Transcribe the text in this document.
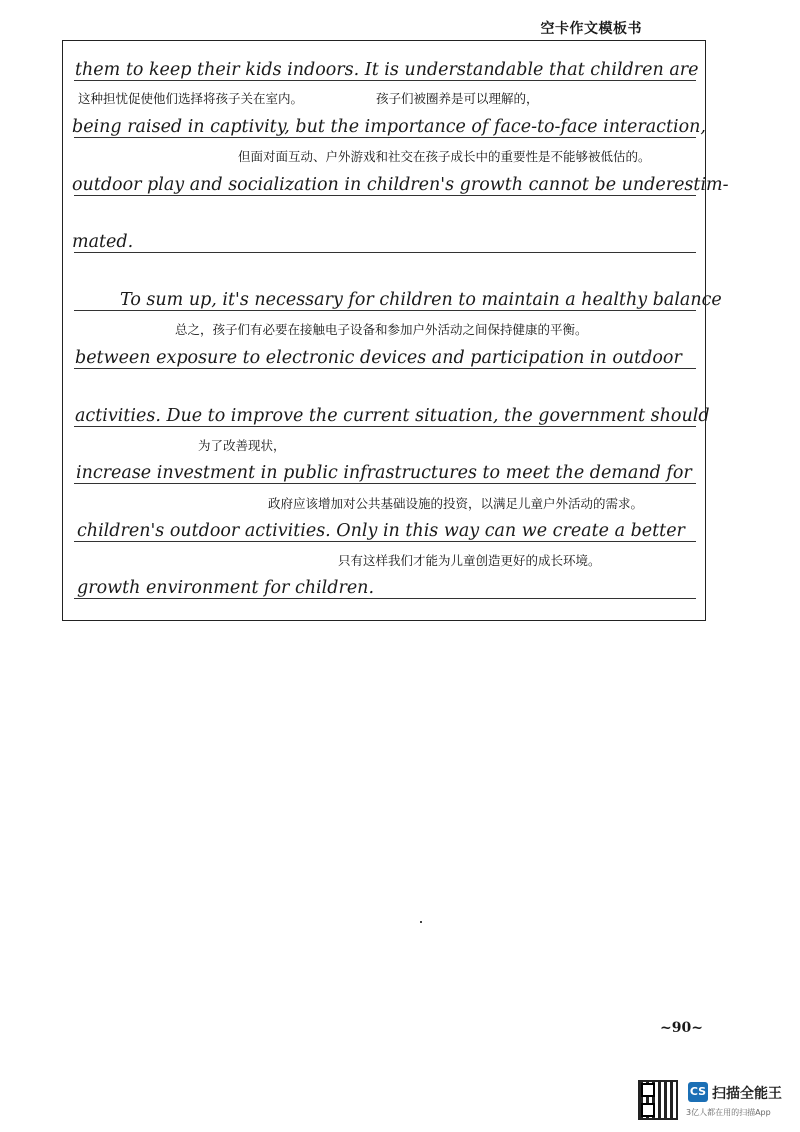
空卡作文模板书
them to keep their kids indoors. It is understandable that children are
being raised in captivity, but the importance of face-to-face interaction,
outdoor play and socialization in children's growth cannot be underestim-
mated.
To sum up, it's necessary for children to maintain a healthy balance
between exposure to electronic devices and participation in outdoor
activities. Due to improve the current situation, the government should
increase investment in public infrastructures to meet the demand for
children's outdoor activities. Only in this way can we create a better
growth environment for children.
这种担忧促使他们选择将孩子关在室内。	孩子们被圈养是可以理解的，
但面对面互动、户外游戏和社交在孩子成长中的重要性是不能够被低估的。
总之，孩子们有必要在接触电子设备和参加户外活动之间保持健康的平衡。
为了改善现状，
政府应该增加对公共基础设施的投资，以满足儿童户外活动的需求。
只有这样我们才能为儿童创造更好的成长环境。
~90~
CS 扫描全能王
3亿人都在用的扫描App
